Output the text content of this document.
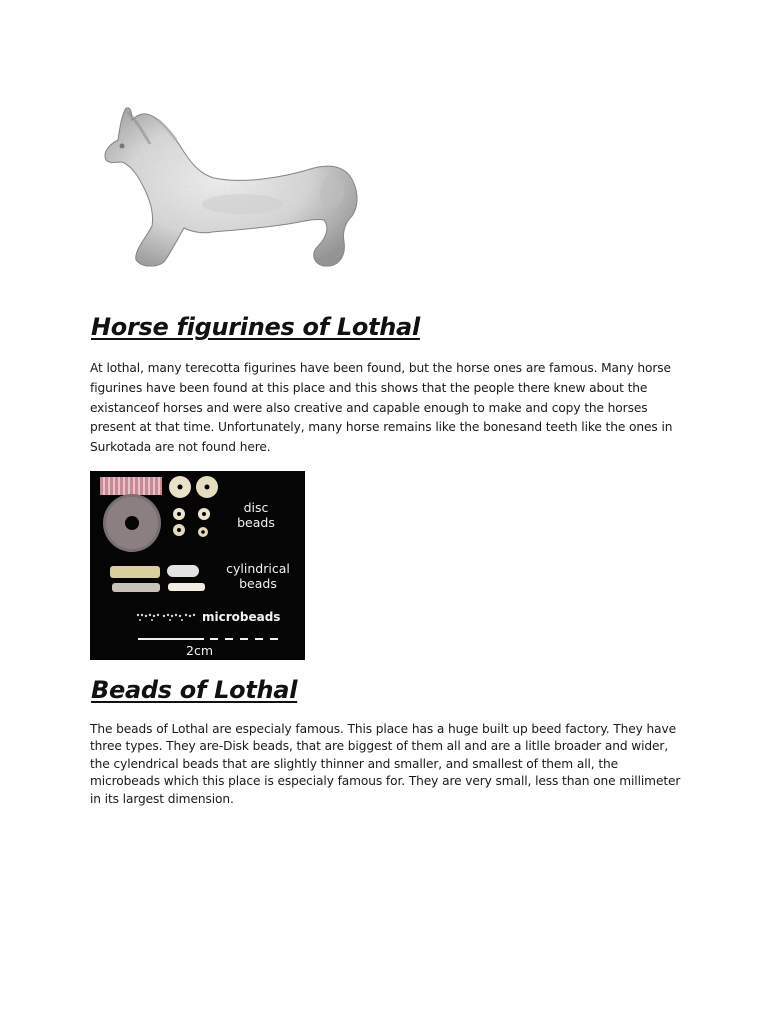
Horse figurines of Lothal

At lothal, many terecotta figurines have been found, but the horse ones are famous. Many horse figurines have been found at this place and this shows that the people there knew about the existanceof horses and were also creative and capable enough to make and copy the horses present at that time. Unfortunately, many horse remains like the bonesand teeth like the ones in Surkotada are not found here.

disc
beads
cylindrical
beads
microbeads
2cm
Beads of Lothal

The beads of Lothal are especialy famous. This place has a huge built up beed factory. They have three types. They are-Disk beads, that are biggest of them all and are a litlle broader and wider, the cylendrical beads that are slightly thinner and smaller, and smallest of them all, the microbeads which this place is especialy famous for. They are very small, less than one millimeter in its largest dimension.
